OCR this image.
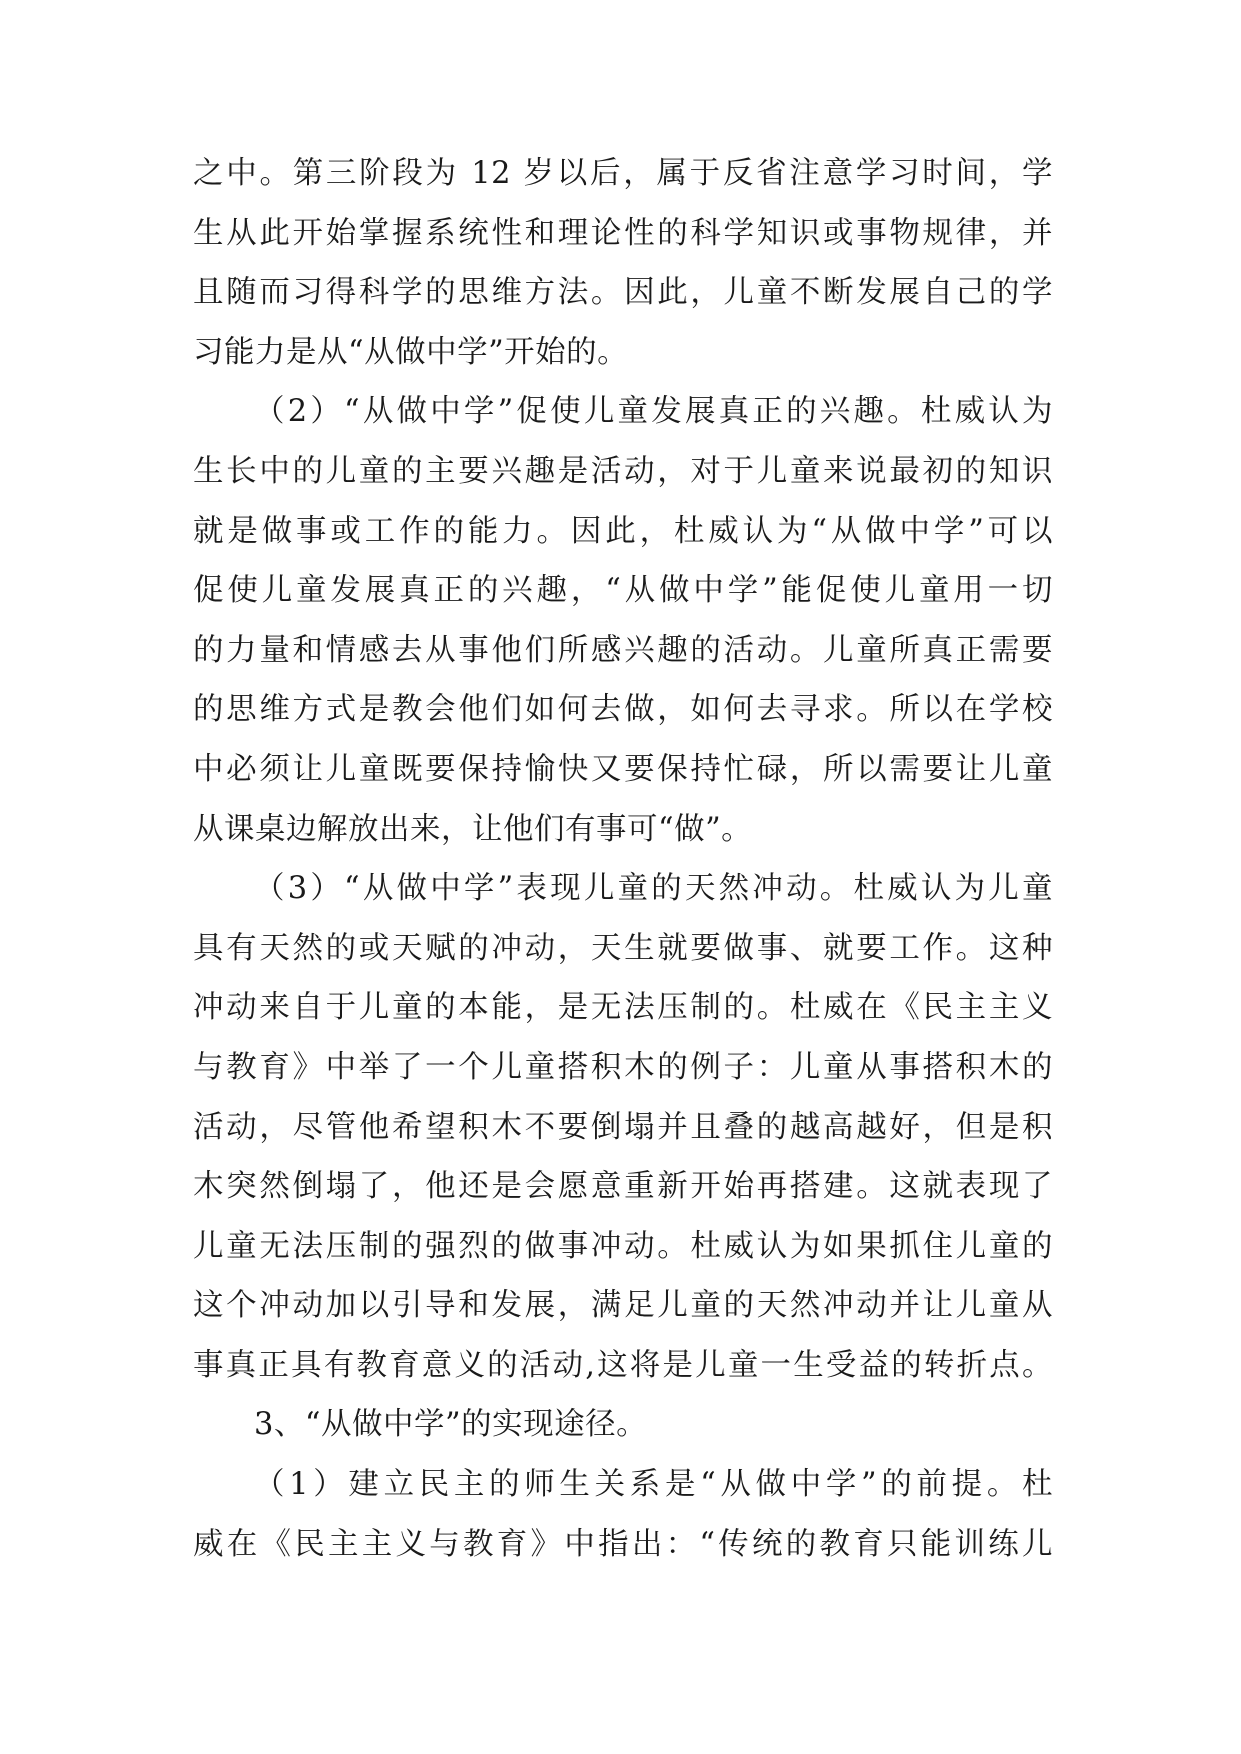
之中。第三阶段为 12 岁以后，属于反省注意学习时间，学
生从此开始掌握系统性和理论性的科学知识或事物规律，并
且随而习得科学的思维方法。因此，儿童不断发展自己的学
习能力是从“从做中学”开始的。
（2）“从做中学”促使儿童发展真正的兴趣。杜威认为
生长中的儿童的主要兴趣是活动，对于儿童来说最初的知识
就是做事或工作的能力。因此，杜威认为“从做中学”可以
促使儿童发展真正的兴趣，“从做中学”能促使儿童用一切
的力量和情感去从事他们所感兴趣的活动。儿童所真正需要
的思维方式是教会他们如何去做，如何去寻求。所以在学校
中必须让儿童既要保持愉快又要保持忙碌，所以需要让儿童
从课桌边解放出来，让他们有事可“做”。
（3）“从做中学”表现儿童的天然冲动。杜威认为儿童
具有天然的或天赋的冲动，天生就要做事、就要工作。这种
冲动来自于儿童的本能，是无法压制的。杜威在《民主主义
与教育》中举了一个儿童搭积木的例子：儿童从事搭积木的
活动，尽管他希望积木不要倒塌并且叠的越高越好，但是积
木突然倒塌了，他还是会愿意重新开始再搭建。这就表现了
儿童无法压制的强烈的做事冲动。杜威认为如果抓住儿童的
这个冲动加以引导和发展，满足儿童的天然冲动并让儿童从
事真正具有教育意义的活动,这将是儿童一生受益的转折点。
3、“从做中学”的实现途径。
（1）建立民主的师生关系是“从做中学”的前提。杜
威在《民主主义与教育》中指出：“传统的教育只能训练儿
